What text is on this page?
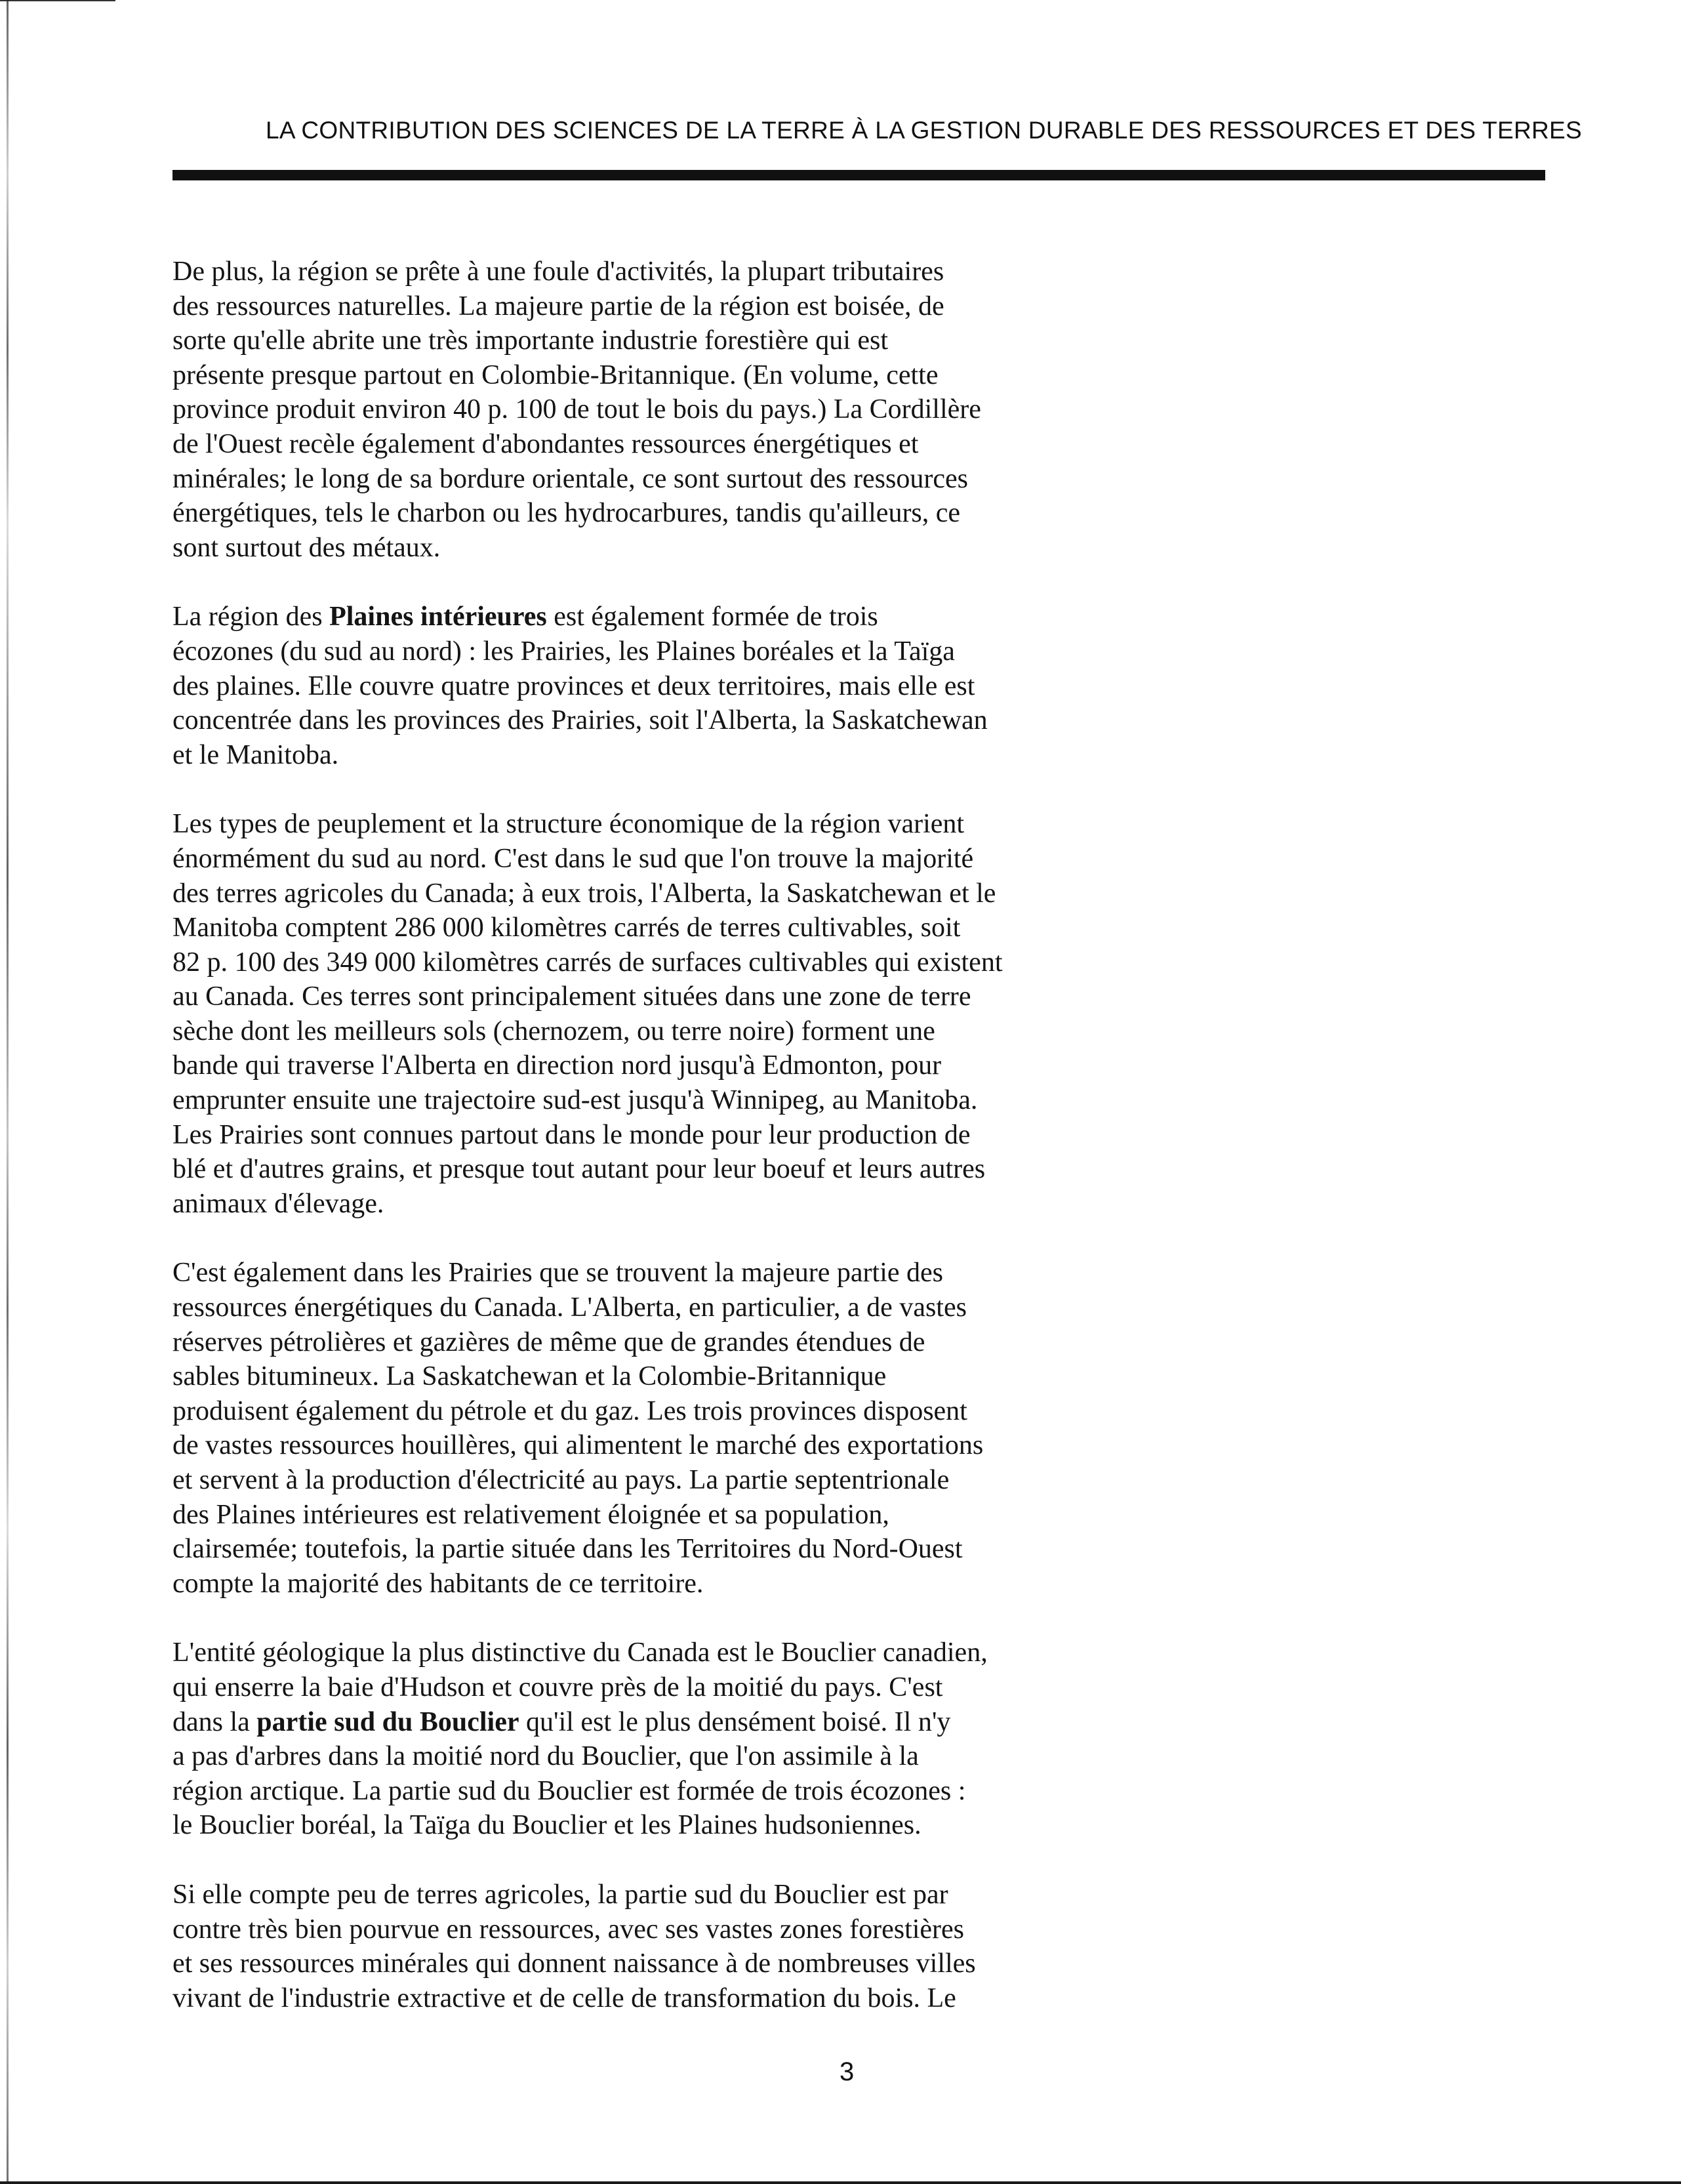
LA CONTRIBUTION DES SCIENCES DE LA TERRE À LA GESTION DURABLE DES RESSOURCES ET DES TERRES

De plus, la région se prête à une foule d'activités, la plupart tributaires
des ressources naturelles. La majeure partie de la région est boisée, de
sorte qu'elle abrite une très importante industrie forestière qui est
présente presque partout en Colombie-Britannique. (En volume, cette
province produit environ 40 p. 100 de tout le bois du pays.) La Cordillère
de l'Ouest recèle également d'abondantes ressources énergétiques et
minérales; le long de sa bordure orientale, ce sont surtout des ressources
énergétiques, tels le charbon ou les hydrocarbures, tandis qu'ailleurs, ce
sont surtout des métaux.

La région des Plaines intérieures est également formée de trois
écozones (du sud au nord) : les Prairies, les Plaines boréales et la Taïga
des plaines. Elle couvre quatre provinces et deux territoires, mais elle est
concentrée dans les provinces des Prairies, soit l'Alberta, la Saskatchewan
et le Manitoba.

Les types de peuplement et la structure économique de la région varient
énormément du sud au nord. C'est dans le sud que l'on trouve la majorité
des terres agricoles du Canada; à eux trois, l'Alberta, la Saskatchewan et le
Manitoba comptent 286 000 kilomètres carrés de terres cultivables, soit
82 p. 100 des 349 000 kilomètres carrés de surfaces cultivables qui existent
au Canada. Ces terres sont principalement situées dans une zone de terre
sèche dont les meilleurs sols (chernozem, ou terre noire) forment une
bande qui traverse l'Alberta en direction nord jusqu'à Edmonton, pour
emprunter ensuite une trajectoire sud-est jusqu'à Winnipeg, au Manitoba.
Les Prairies sont connues partout dans le monde pour leur production de
blé et d'autres grains, et presque tout autant pour leur boeuf et leurs autres
animaux d'élevage.

C'est également dans les Prairies que se trouvent la majeure partie des
ressources énergétiques du Canada. L'Alberta, en particulier, a de vastes
réserves pétrolières et gazières de même que de grandes étendues de
sables bitumineux. La Saskatchewan et la Colombie-Britannique
produisent également du pétrole et du gaz. Les trois provinces disposent
de vastes ressources houillères, qui alimentent le marché des exportations
et servent à la production d'électricité au pays. La partie septentrionale
des Plaines intérieures est relativement éloignée et sa population,
clairsemée; toutefois, la partie située dans les Territoires du Nord-Ouest
compte la majorité des habitants de ce territoire.

L'entité géologique la plus distinctive du Canada est le Bouclier canadien,
qui enserre la baie d'Hudson et couvre près de la moitié du pays. C'est
dans la partie sud du Bouclier qu'il est le plus densément boisé. Il n'y
a pas d'arbres dans la moitié nord du Bouclier, que l'on assimile à la
région arctique. La partie sud du Bouclier est formée de trois écozones :
le Bouclier boréal, la Taïga du Bouclier et les Plaines hudsoniennes.

Si elle compte peu de terres agricoles, la partie sud du Bouclier est par
contre très bien pourvue en ressources, avec ses vastes zones forestières
et ses ressources minérales qui donnent naissance à de nombreuses villes
vivant de l'industrie extractive et de celle de transformation du bois. Le

3
